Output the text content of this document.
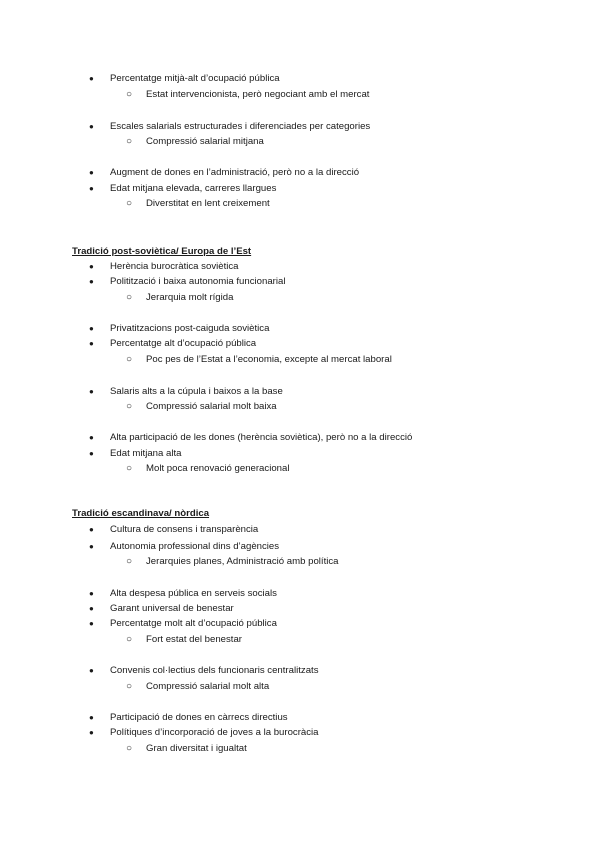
● Percentatge mitjà-alt d’ocupació pública
○ Estat intervencionista, però negociant amb el mercat
● Escales salarials estructurades i diferenciades per categories
○ Compressió salarial mitjana
● Augment de dones en l’administració, però no a la direcció
● Edat mitjana elevada, carreres llargues
○ Diverstitat en lent creixement
Tradició post-soviètica/ Europa de l’Est
● Herència burocràtica soviètica
● Politització i baixa autonomia funcionarial
○ Jerarquia molt rígida
● Privatitzacions post-caiguda soviètica
● Percentatge alt d’ocupació pública
○ Poc pes de l’Estat a l’economia, excepte al mercat laboral
● Salaris alts a la cúpula i baixos a la base
○ Compressió salarial molt baixa
● Alta participació de les dones (herència soviètica), però no a la direcció
● Edat mitjana alta
○ Molt poca renovació generacional
Tradició escandinava/ nòrdica
● Cultura de consens i transparència
● Autonomia professional dins d’agències
○ Jerarquies planes, Administració amb política
● Alta despesa pública en serveis socials
● Garant universal de benestar
● Percentatge molt alt d’ocupació pública
○ Fort estat del benestar
● Convenis col·lectius dels funcionaris centralitzats
○ Compressió salarial molt alta
● Participació de dones en càrrecs directius
● Polítiques d’incorporació de joves a la burocràcia
○ Gran diversitat i igualtat
